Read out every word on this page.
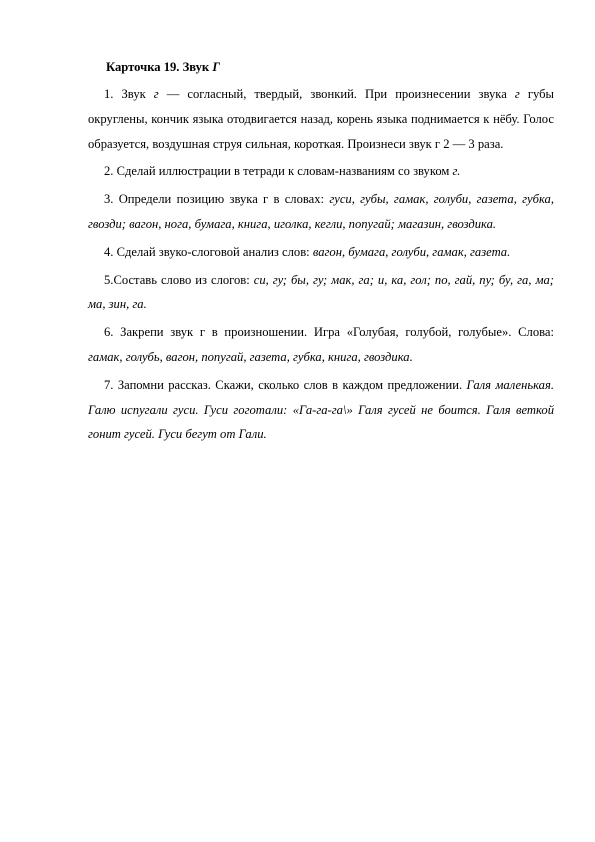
Карточка 19. Звук Г

1. Звук г — согласный, твердый, звонкий. При произнесении звука г губы округлены, кончик языка отодвигается назад, корень языка поднимается к нёбу. Голос образуется, воздушная струя сильная, короткая. Произнеси звук г 2 — 3 раза.

2. Сделай иллюстрации в тетради к словам-названиям со звуком г.

3. Определи позицию звука г в словах: гуси, губы, гамак, голуби, газета, губка, гвозди; вагон, нога, бумага, книга, иголка, кегли, попугай; магазин, гвоздика.

4. Сделай звуко-слоговой анализ слов: вагон, бумага, голуби, гамак, газета.

5.Составь слово из слогов: си, гу; бы, гу; мак, га; и, ка, гол; по, гай, пу; бу, га, ма; ма, зин, га.

6. Закрепи звук г в произношении. Игра «Голубая, голубой, голубые». Слова: гамак, голубь, вагон, попугай, газета, губка, книга, гвоздика.

7. Запомни рассказ. Скажи, сколько слов в каждом предложении. Галя маленькая. Галю испугали гуси. Гуси гоготали: «Га-га-га\» Галя гусей не боится. Галя веткой гонит гусей. Гуси бегут от Гали.
